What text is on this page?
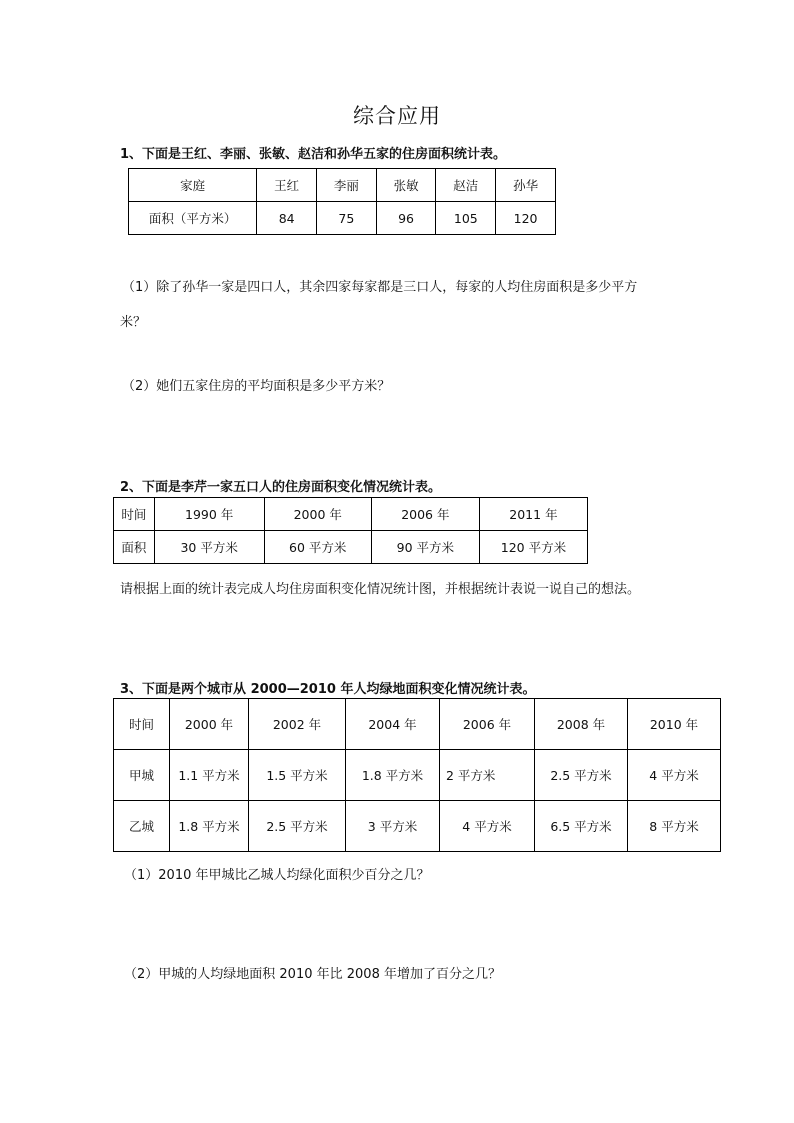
综合应用
1、下面是王红、李丽、张敏、赵洁和孙华五家的住房面积统计表。
家庭	王红	李丽	张敏	赵洁	孙华
面积（平方米）	84	75	96	105	120
（1）除了孙华一家是四口人，其余四家每家都是三口人，每家的人均住房面积是多少平方
米？
（2）她们五家住房的平均面积是多少平方米？
2、下面是李芹一家五口人的住房面积变化情况统计表。
时间	1990 年	2000 年	2006 年	2011 年
面积	30 平方米	60 平方米	90 平方米	120 平方米
请根据上面的统计表完成人均住房面积变化情况统计图，并根据统计表说一说自己的想法。
3、下面是两个城市从 2000—2010 年人均绿地面积变化情况统计表。
时间	2000 年	2002 年	2004 年	2006 年	2008 年	2010 年
甲城	1.1 平方米	1.5 平方米	1.8 平方米	2 平方米	2.5 平方米	4 平方米
乙城	1.8 平方米	2.5 平方米	3 平方米	4 平方米	6.5 平方米	8 平方米
（1）2010 年甲城比乙城人均绿化面积少百分之几？
（2）甲城的人均绿地面积 2010 年比 2008 年增加了百分之几？
